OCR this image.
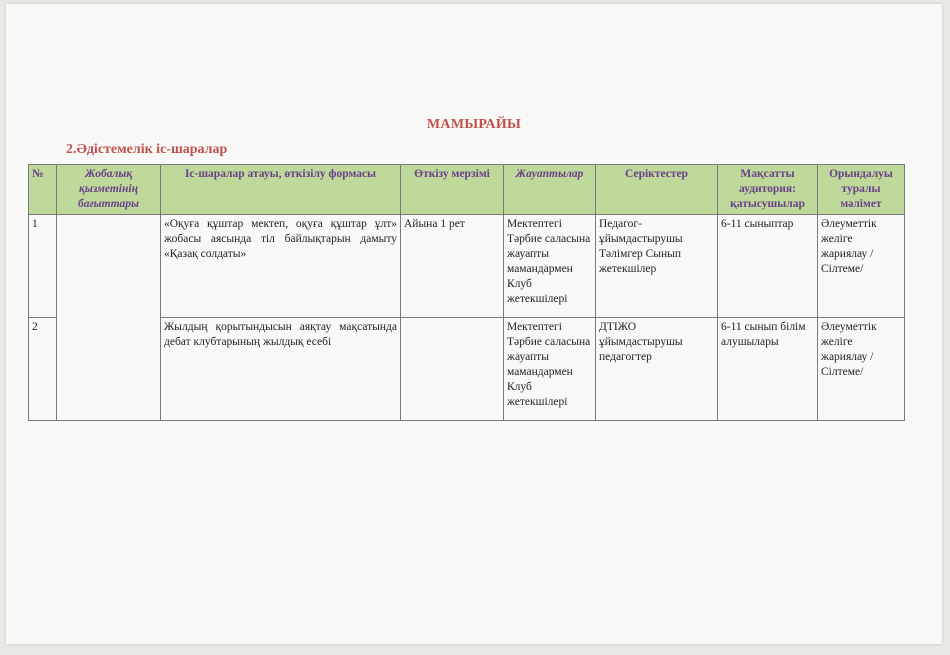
МАМЫРАЙЫ
2.Әдістемелік іс-шаралар
№	Жобалық қызметінің бағыттары	Іс-шаралар атауы, өткізілу формасы	Өткізу мерзімі	Жауаптылар	Серіктестер	Мақсатты аудитория: қатысушылар	Орындалуы туралы мәлімет
1		«Оқуға құштар мектеп, оқуға құштар ұлт» жобасы аясында тіл байлықтарын дамыту «Қазақ солдаты»	Айына 1 рет	Мектептегі Тәрбие саласына жауапты мамандармен Клуб жетекшілері	Педагог-ұйымдастырушы Тәлімгер Сынып жетекшілер	6-11 сыныптар	Әлеуметтік желіге жариялау /Сілтеме/
2		Жылдың қорытындысын аяқтау мақсатында дебат клубтарының жылдық есебі		Мектептегі Тәрбие саласына жауапты мамандармен Клуб жетекшілері	ДТІЖО ұйымдастырушы педагогтер	6-11 сынып білім алушылары	Әлеуметтік желіге жариялау /Сілтеме/
